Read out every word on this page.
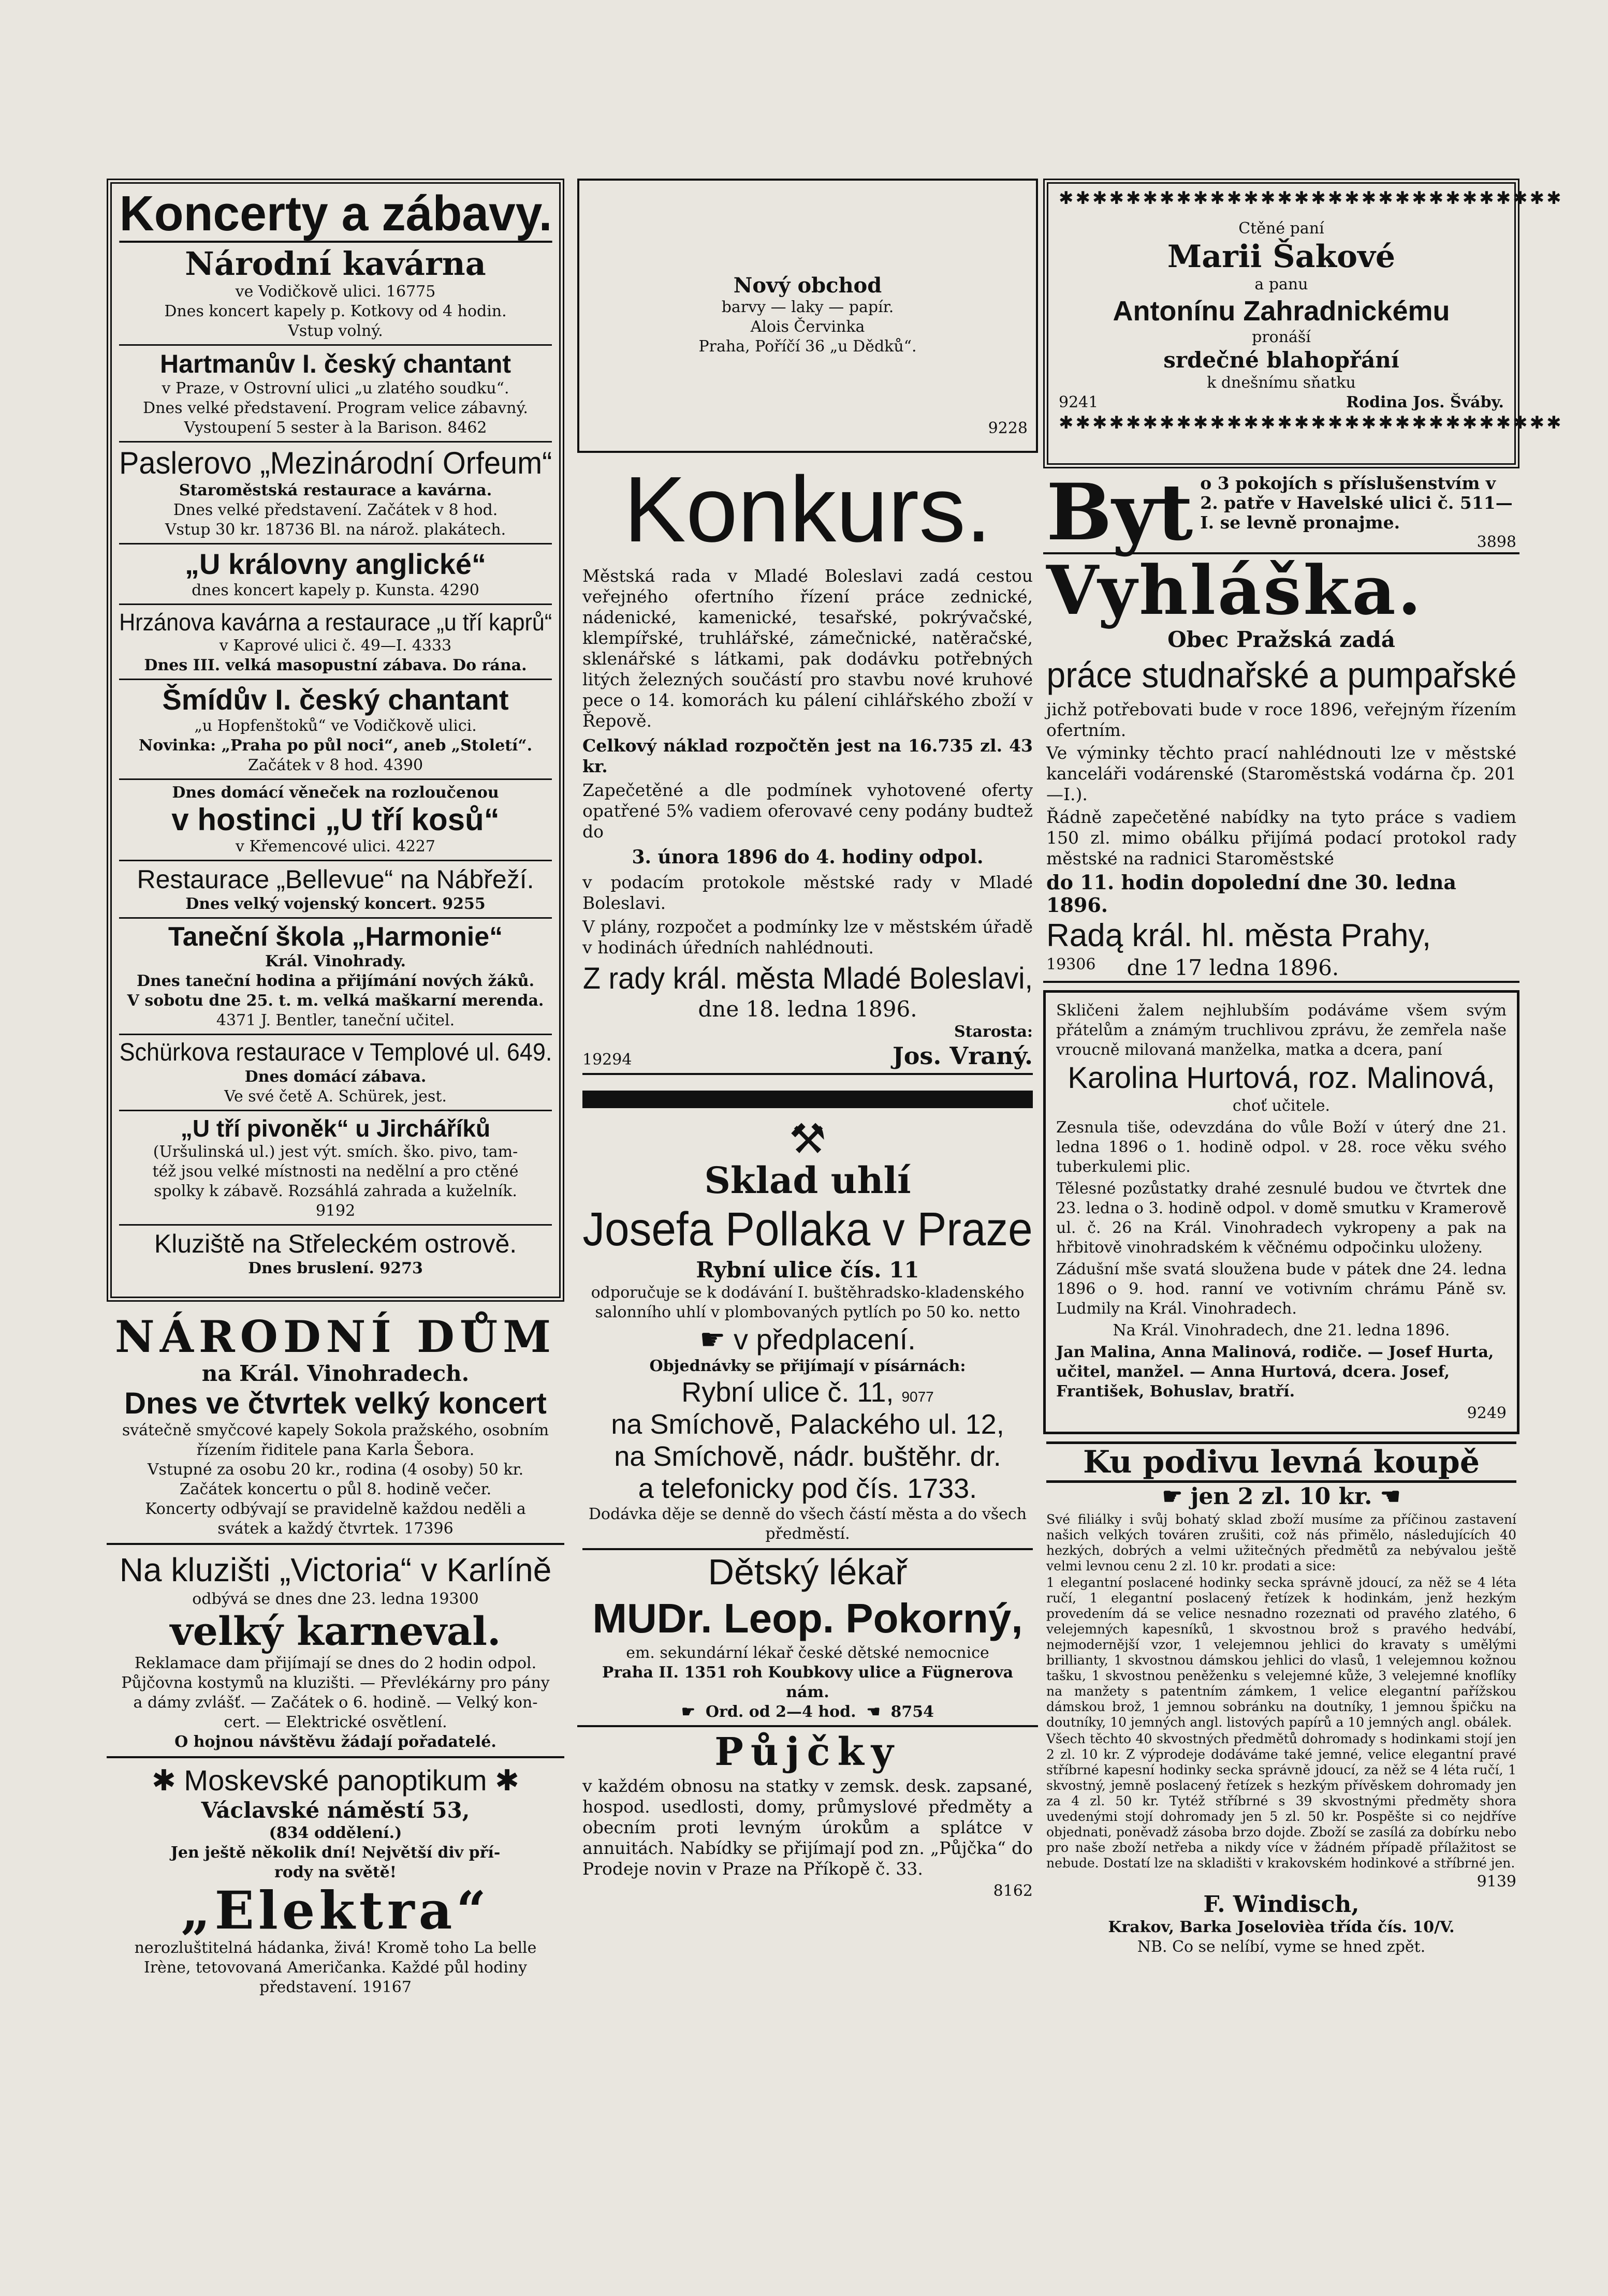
Koncerty a zábavy.
Národní kavárna
ve Vodičkově ulici. 16775
Dnes koncert kapely p. Kotkovy od 4 hodin.
Vstup volný.
Hartmanův I. český chantant
v Praze, v Ostrovní ulici „u zlatého soudku“.
Dnes velké představení. Program velice zábavný.
Vystoupení 5 sester à la Barison. 8462
Paslerovo „Mezinárodní Orfeum“
Staroměstská restaurace a kavárna.
Dnes velké představení. Začátek v 8 hod.
Vstup 30 kr. 18736 Bl. na nárož. plakátech.
„U královny anglické“
dnes koncert kapely p. Kunsta. 4290
Hrzánova kavárna a restaurace „u tří kaprů“
v Kaprové ulici č. 49—I. 4333
Dnes III. velká masopustní zábava. Do rána.
Šmídův I. český chantant
„u Hopfenštoků“ ve Vodičkově ulici.
Novinka: „Praha po půl noci“, aneb „Století“.
Začátek v 8 hod. 4390
Dnes domácí věneček na rozloučenou
v hostinci „U tří kosů“
v Křemencové ulici. 4227
Restaurace „Bellevue“ na Nábřeží.
Dnes velký vojenský koncert. 9255
Taneční škola „Harmonie“
Král. Vinohrady.
Dnes taneční hodina a přijímání nových žáků.
V sobotu dne 25. t. m. velká maškarní merenda.
4371 J. Bentler, taneční učitel.
Schürkova restaurace v Templové ul. 649.
Dnes domácí zábava.
Ve své četě A. Schürek, jest.
„U tří pivoněk“ u Jircháříků
(Uršulinská ul.) jest výt. smích. ško. pivo, tam-
též jsou velké místnosti na nedělní a pro ctěné
spolky k zábavě. Rozsáhlá zahrada a kuželník.
9192
Kluziště na Střeleckém ostrově.
Dnes bruslení. 9273
NÁRODNÍ DŮM
na Král. Vinohradech.
Dnes ve čtvrtek velký koncert
svátečně smyčcové kapely Sokola pražského, osobním
řízením řiditele pana Karla Šebora.
Vstupné za osobu 20 kr., rodina (4 osoby) 50 kr.
Začátek koncertu o půl 8. hodině večer.
Koncerty odbývají se pravidelně každou neděli a
svátek a každý čtvrtek. 17396
Na kluzišti „Victoria“ v Karlíně
odbývá se dnes dne 23. ledna 19300
velký karneval.
Reklamace dam přijímají se dnes do 2 hodin odpol.
Půjčovna kostymů na kluzišti. — Převlékárny pro pány
a dámy zvlášť. — Začátek o 6. hodině. — Velký kon-
cert. — Elektrické osvětlení.
O hojnou návštěvu žádají pořadatelé.
✱ Moskevské panoptikum ✱
Václavské náměstí 53,
(834 oddělení.)
Jen ještě několik dní! Největší div pří-
rody na světě!
„Elektra“
nerozluštitelná hádanka, živá! Kromě toho La belle
Irène, tetovovaná Američanka. Každé půl hodiny
představení. 19167
Nový obchod
barvy — laky — papír.
Alois Červinka
Praha, Poříčí 36 „u Dědků“.
9228
Konkurs.

Městská rada v Mladé Boleslavi zadá cestou veřejného ofertního řízení práce zednické, nádenické, kamenické, tesařské, pokrývačské, klempířské, truhlářské, zámečnické, natěračské, sklenářské s látkami, pak dodávku potřebných litých železných součástí pro stavbu nové kruhové pece o 14. komorách ku pálení cihlářského zboží v Řepově.

Celkový náklad rozpočtěn jest na 16.735 zl. 43 kr.

Zapečetěné a dle podmínek vyhotovené oferty opatřené 5% vadiem oferovavé ceny podány budtež do

3. února 1896 do 4. hodiny odpol.

v podacím protokole městské rady v Mladé Boleslavi.

V plány, rozpočet a podmínky lze v městském úřadě v hodinách úředních nahlédnouti.

Z rady král. města Mladé Boleslavi,
dne 18. ledna 1896.
19294
Starosta:
Jos. Vraný.
⚒
Sklad uhlí
Josefa Pollaka v Praze
Rybní ulice čís. 11
odporučuje se k dodávání I. buštěhradsko-kladenského
salonního uhlí v plombovaných pytlích po 50 ko. netto
☛ v předplacení.
Objednávky se přijímají v písárnách:
Rybní ulice č. 11, 9077
na Smíchově, Palackého ul. 12,
na Smíchově, nádr. buštěhr. dr.
a telefonicky pod čís. 1733.
Dodávka děje se denně do všech částí města a do všech předměstí.
Dětský lékař
MUDr. Leop. Pokorný,
em. sekundární lékař české dětské nemocnice
Praha II. 1351 roh Koubkovy ulice a Fügnerova nám.
☛ Ord. od 2—4 hod. ☚ 8754
Půjčky

v každém obnosu na statky v zemsk. desk. zapsané, hospod. usedlosti, domy, průmyslové předměty a obecním proti levným úrokům a splátce v annuitách. Nabídky se přijímají pod zn. „Půjčka“ do Prodeje novin v Praze na Příkopě č. 33.

8162
✱✱✱✱✱✱✱✱✱✱✱✱✱✱✱✱✱✱✱✱✱✱✱✱✱✱✱✱✱✱
Ctěné paní
Marii Šakové
a panu
Antonínu Zahradnickému
pronáší
srdečné blahopřání
k dnešnímu sňatku
9241	Rodina Jos. Šváby.
✱✱✱✱✱✱✱✱✱✱✱✱✱✱✱✱✱✱✱✱✱✱✱✱✱✱✱✱✱✱
Byt o 3 pokojích s příslušenstvím v 2. patře v Havelské ulici č. 511—I. se levně pronajme.
3898
Vyhláška.
Obec Pražská zadá
práce studnařské a pumpařské

jichž potřebovati bude v roce 1896, veřejným řízením ofertním.

Ve výminky těchto prací nahlédnouti lze v městské kanceláři vodárenské (Staroměstská vodárna čp. 201—I.).

Řádně zapečetěné nabídky na tyto práce s vadiem 150 zl. mimo obálku přijímá podací protokol rady městské na radnici Staroměstské

do 11. hodin dopolední dne 30. ledna 1896.
Radą král. hl. města Prahy,
19306 dne 17 ledna 1896.

Skličeni žalem nejhlubším podáváme všem svým přátelům a známým truchlivou zprávu, že zemřela naše vroucně milovaná manželka, matka a dcera, paní

Karolina Hurtová, roz. Malinová,
choť učitele.

Zesnula tiše, odevzdána do vůle Boží v úterý dne 21. ledna 1896 o 1. hodině odpol. v 28. roce věku svého tuberkulemi plic.

Tělesné pozůstatky drahé zesnulé budou ve čtvrtek dne 23. ledna o 3. hodině odpol. v domě smutku v Kramerově ul. č. 26 na Král. Vinohradech vykropeny a pak na hřbitově vinohradském k věčnému odpočinku uloženy.

Zádušní mše svatá sloužena bude v pátek dne 24. ledna 1896 o 9. hod. ranní ve votivním chrámu Páně sv. Ludmily na Král. Vinohradech.

Na Král. Vinohradech, dne 21. ledna 1896.

Jan Malina, Anna Malinová, rodiče. — Josef Hurta, učitel, manžel. — Anna Hurtová, dcera. Josef, František, Bohuslav, bratří.

9249
Ku podivu levná koupě
☛ jen 2 zl. 10 kr. ☚

Své filiálky i svůj bohatý sklad zboží musíme za příčinou zastavení našich velkých továren zrušiti, což nás přimělo, následujících 40 hezkých, dobrých a velmi užitečných předmětů za nebývalou ještě velmi levnou cenu 2 zl. 10 kr. prodati a sice:

1 elegantní poslacené hodinky secka správně jdoucí, za něž se 4 léta ručí, 1 elegantní poslacený řetízek k hodinkám, jenž hezkým provedením dá se velice nesnadno rozeznati od pravého zlatého, 6 velejemných kapesníků, 1 skvostnou brož s pravého hedvábí, nejmodernější vzor, 1 velejemnou jehlici do kravaty s umělými brillianty, 1 skvostnou dámskou jehlici do vlasů, 1 velejemnou kožnou tašku, 1 skvostnou peněženku s velejemné kůže, 3 velejemné knoflíky na manžety s patentním zámkem, 1 velice elegantní pařížskou dámskou brož, 1 jemnou sobránku na doutníky, 1 jemnou špičku na doutníky, 10 jemných angl. listových papírů a 10 jemných angl. obálek.

Všech těchto 40 skvostných předmětů dohromady s hodinkami stojí jen 2 zl. 10 kr. Z výprodeje dodáváme také jemné, velice elegantní pravé stříbrné kapesní hodinky secka správně jdoucí, za něž se 4 léta ručí, 1 skvostný, jemně poslacený řetízek s hezkým přívěskem dohromady jen za 4 zl. 50 kr. Tytéž stříbrné s 39 skvostnými předměty shora uvedenými stojí dohromady jen 5 zl. 50 kr. Pospěšte si co nejdříve objednati, poněvadž zásoba brzo dojde. Zboží se zasílá za dobírku nebo pro naše zboží netřeba a nikdy více v žádném případě přílažitost se nebude. Dostatí lze na skladišti v krakovském hodinkové a stříbrné jen.

9139
F. Windisch,
Krakov, Barka Joselovièa třída čís. 10/V.
NB. Co se nelíbí, vyme se hned zpět.
